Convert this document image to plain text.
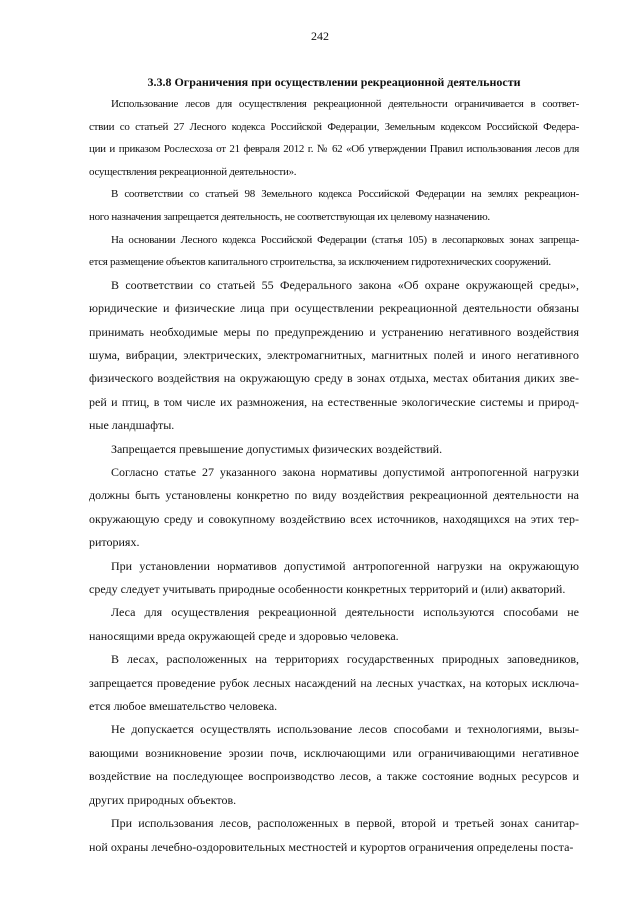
242
3.3.8 Ограничения при осуществлении рекреационной деятельности
Использование лесов для осуществления рекреационной деятельности ограничивается в соответ-
ствии со статьей 27 Лесного кодекса Российской Федерации, Земельным кодексом Российской Федера-
ции и приказом Рослесхоза от 21 февраля 2012 г. № 62 «Об утверждении Правил использования лесов для
осуществления рекреационной деятельности».
В соответствии со статьей 98 Земельного кодекса Российской Федерации на землях рекреацион-
ного назначения запрещается деятельность, не соответствующая их целевому назначению.
На основании Лесного кодекса Российской Федерации (статья 105) в лесопарковых зонах запреща-
ется размещение объектов капитального строительства, за исключением гидротехнических сооружений.
В соответствии со статьей 55 Федерального закона «Об охране окружающей среды»,
юридические и физические лица при осуществлении рекреационной деятельности обязаны
принимать необходимые меры по предупреждению и устранению негативного воздействия
шума, вибрации, электрических, электромагнитных, магнитных полей и иного негативного
физического воздействия на окружающую среду в зонах отдыха, местах обитания диких зве-
рей и птиц, в том числе их размножения, на естественные экологические системы и природ-
ные ландшафты.
Запрещается превышение допустимых физических воздействий.
Согласно статье 27 указанного закона нормативы допустимой антропогенной нагрузки
должны быть установлены конкретно по виду воздействия рекреационной деятельности на
окружающую среду и совокупному воздействию всех источников, находящихся на этих тер-
риториях.
При установлении нормативов допустимой антропогенной нагрузки на окружающую
среду следует учитывать природные особенности конкретных территорий и (или) акваторий.
Леса для осуществления рекреационной деятельности используются способами не
наносящими вреда окружающей среде и здоровью человека.
В лесах, расположенных на территориях государственных природных заповедников,
запрещается проведение рубок лесных насаждений на лесных участках, на которых исключа-
ется любое вмешательство человека.
Не допускается осуществлять использование лесов способами и технологиями, вызы-
вающими возникновение эрозии почв, исключающими или ограничивающими негативное
воздействие на последующее воспроизводство лесов, а также состояние водных ресурсов и
других природных объектов.
При использования лесов, расположенных в первой, второй и третьей зонах санитар-
ной охраны лечебно-оздоровительных местностей и курортов ограничения определены поста-
